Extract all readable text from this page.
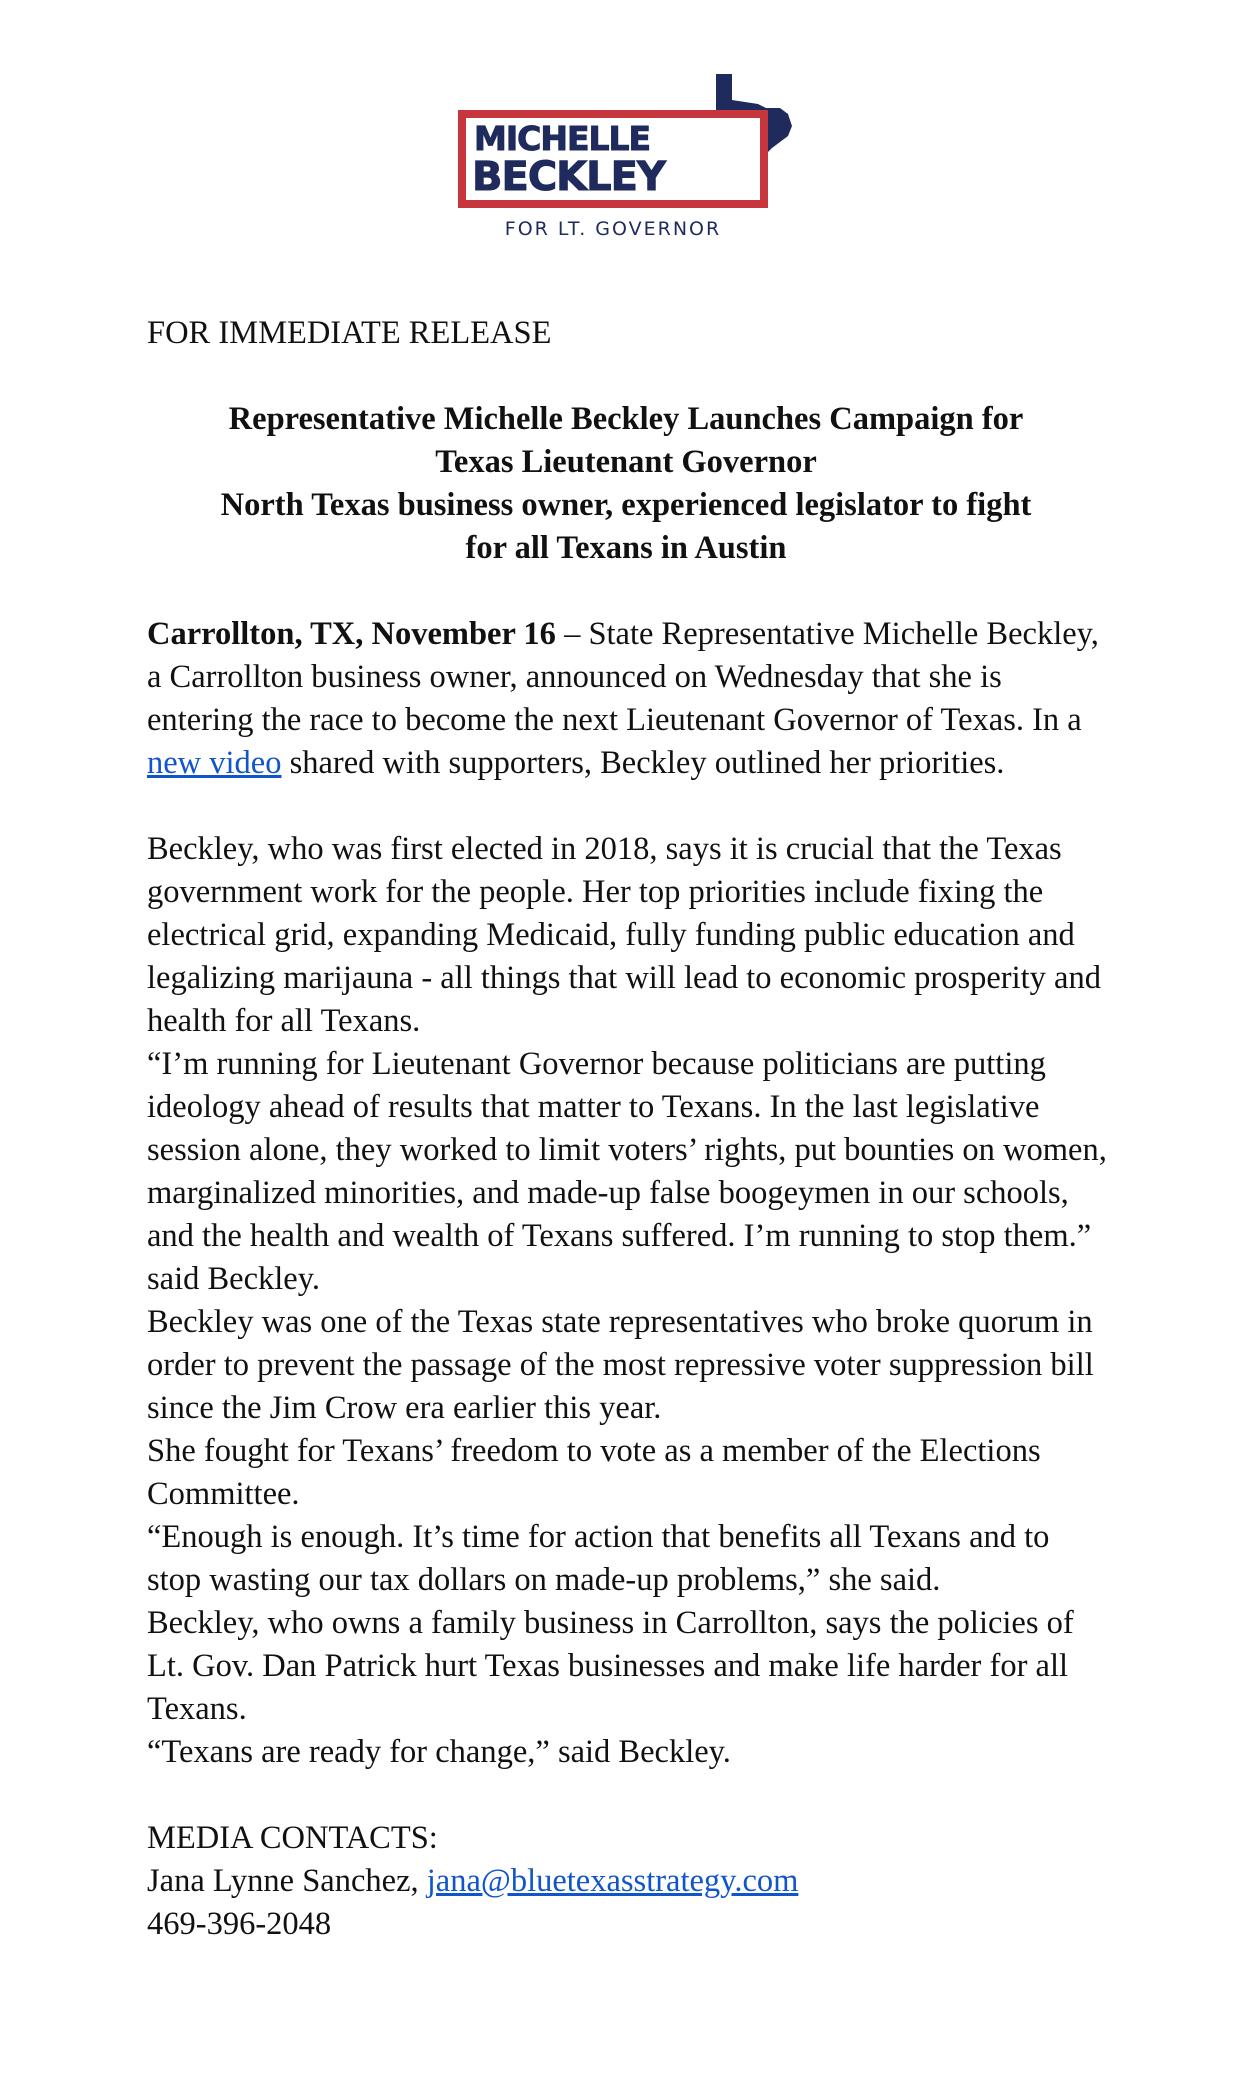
MICHELLE
BECKLEY
FOR LT. GOVERNOR

FOR IMMEDIATE RELEASE

Representative Michelle Beckley Launches Campaign for
Texas Lieutenant Governor
North Texas business owner, experienced legislator to fight
for all Texans in Austin

Carrollton, TX, November 16 – State Representative Michelle Beckley, a Carrollton business owner, announced on Wednesday that she is entering the race to become the next Lieutenant Governor of Texas. In a new video shared with supporters, Beckley outlined her priorities.

Beckley, who was first elected in 2018, says it is crucial that the Texas government work for the people. Her top priorities include fixing the electrical grid, expanding Medicaid, fully funding public education and legalizing marijauna - all things that will lead to economic prosperity and health for all Texans.

“I’m running for Lieutenant Governor because politicians are putting ideology ahead of results that matter to Texans. In the last legislative session alone, they worked to limit voters’ rights, put bounties on women, marginalized minorities, and made-up false boogeymen in our schools, and the health and wealth of Texans suffered. I’m running to stop them.” said Beckley.

Beckley was one of the Texas state representatives who broke quorum in order to prevent the passage of the most repressive voter suppression bill since the Jim Crow era earlier this year.

She fought for Texans’ freedom to vote as a member of the Elections Committee.

“Enough is enough. It’s time for action that benefits all Texans and to stop wasting our tax dollars on made-up problems,” she said.

Beckley, who owns a family business in Carrollton, says the policies of Lt. Gov. Dan Patrick hurt Texas businesses and make life harder for all Texans.

“Texans are ready for change,” said Beckley.

MEDIA CONTACTS:
Jana Lynne Sanchez, jana@bluetexasstrategy.com
469-396-2048
